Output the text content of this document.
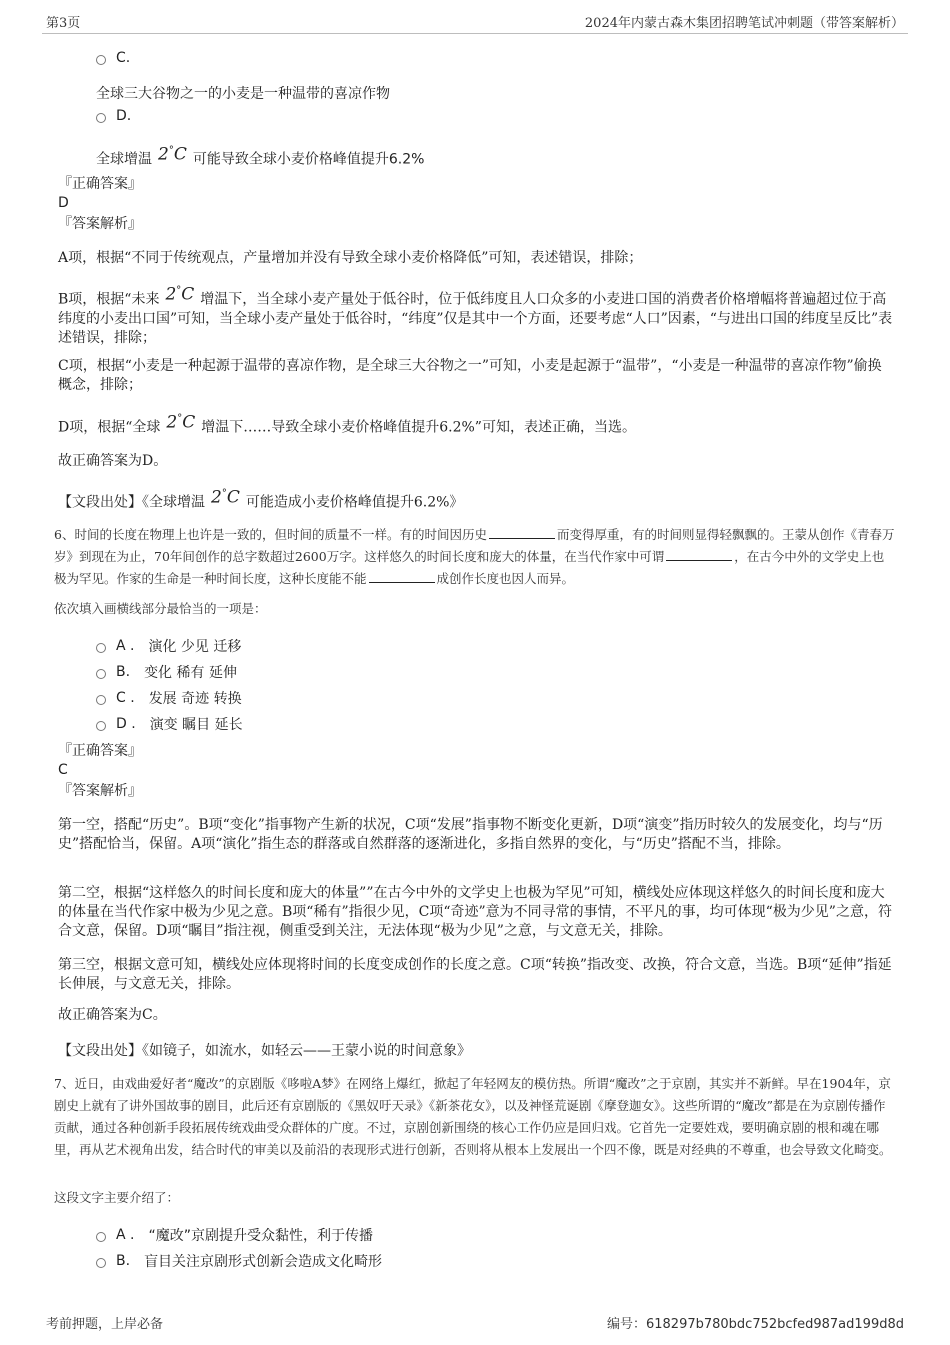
第3页	2024年内蒙古森木集团招聘笔试冲刺题（带答案解析）
C.
全球三大谷物之一的小麦是一种温带的喜凉作物
D.
全球增温 2°C 可能导致全球小麦价格峰值提升6.2%
『正确答案』
D
『答案解析』
A项，根据“不同于传统观点，产量增加并没有导致全球小麦价格降低”可知，表述错误，排除；
B项，根据“未来 2°C 增温下，当全球小麦产量处于低谷时，位于低纬度且人口众多的小麦进口国的消费者价格增幅将普遍超过位于高纬度的小麦出口国”可知，当全球小麦产量处于低谷时，“纬度”仅是其中一个方面，还要考虑“人口”因素，“与进出口国的纬度呈反比”表述错误，排除；
C项，根据“小麦是一种起源于温带的喜凉作物，是全球三大谷物之一”可知，小麦是起源于“温带”，“小麦是一种温带的喜凉作物”偷换概念，排除；
D项，根据“全球 2°C 增温下……导致全球小麦价格峰值提升6.2%”可知，表述正确，当选。
故正确答案为D。
【文段出处】《全球增温 2°C 可能造成小麦价格峰值提升6.2%》
6、时间的长度在物理上也许是一致的，但时间的质量不一样。有的时间因历史	而变得厚重，有的时间则显得轻飘飘的。王蒙从创作《青春万岁》到现在为止，70年间创作的总字数超过2600万字。这样悠久的时间长度和庞大的体量，在当代作家中可谓	，在古今中外的文学史上也极为罕见。作家的生命是一种时间长度，这种长度能不能	成创作长度也因人而异。
依次填入画横线部分最恰当的一项是：
A . 演化 少见 迁移
B. 变化 稀有 延伸
C . 发展 奇迹 转换
D . 演变 瞩目 延长
『正确答案』
C
『答案解析』
第一空，搭配“历史”。B项“变化”指事物产生新的状况，C项“发展”指事物不断变化更新，D项“演变”指历时较久的发展变化，均与“历史”搭配恰当，保留。A项“演化”指生态的群落或自然群落的逐渐进化，多指自然界的变化，与“历史”搭配不当，排除。
第二空，根据“这样悠久的时间长度和庞大的体量””在古今中外的文学史上也极为罕见”可知，横线处应体现这样悠久的时间长度和庞大的体量在当代作家中极为少见之意。B项“稀有”指很少见，C项“奇迹”意为不同寻常的事情，不平凡的事，均可体现“极为少见”之意，符合文意，保留。D项“瞩目”指注视，侧重受到关注，无法体现“极为少见”之意，与文意无关，排除。
第三空，根据文意可知，横线处应体现将时间的长度变成创作的长度之意。C项“转换”指改变、改换，符合文意，当选。B项“延伸”指延长伸展，与文意无关，排除。
故正确答案为C。
【文段出处】《如镜子，如流水，如轻云——王蒙小说的时间意象》
7、近日，由戏曲爱好者“魔改”的京剧版《哆啦A梦》在网络上爆红，掀起了年轻网友的模仿热。所谓“魔改”之于京剧，其实并不新鲜。早在1904年，京剧史上就有了讲外国故事的剧目，此后还有京剧版的《黑奴吁天录》《新茶花女》，以及神怪荒诞剧《摩登迦女》。这些所谓的“魔改”都是在为京剧传播作贡献，通过各种创新手段拓展传统戏曲受众群体的广度。不过，京剧创新围绕的核心工作仍应是回归戏。它首先一定要姓戏，要明确京剧的根和魂在哪里，再从艺术视角出发，结合时代的审美以及前沿的表现形式进行创新，否则将从根本上发展出一个四不像，既是对经典的不尊重，也会导致文化畸变。
这段文字主要介绍了：
A . “魔改”京剧提升受众黏性，利于传播
B. 盲目关注京剧形式创新会造成文化畸形
考前押题，上岸必备	编号：618297b780bdc752bcfed987ad199d8d
